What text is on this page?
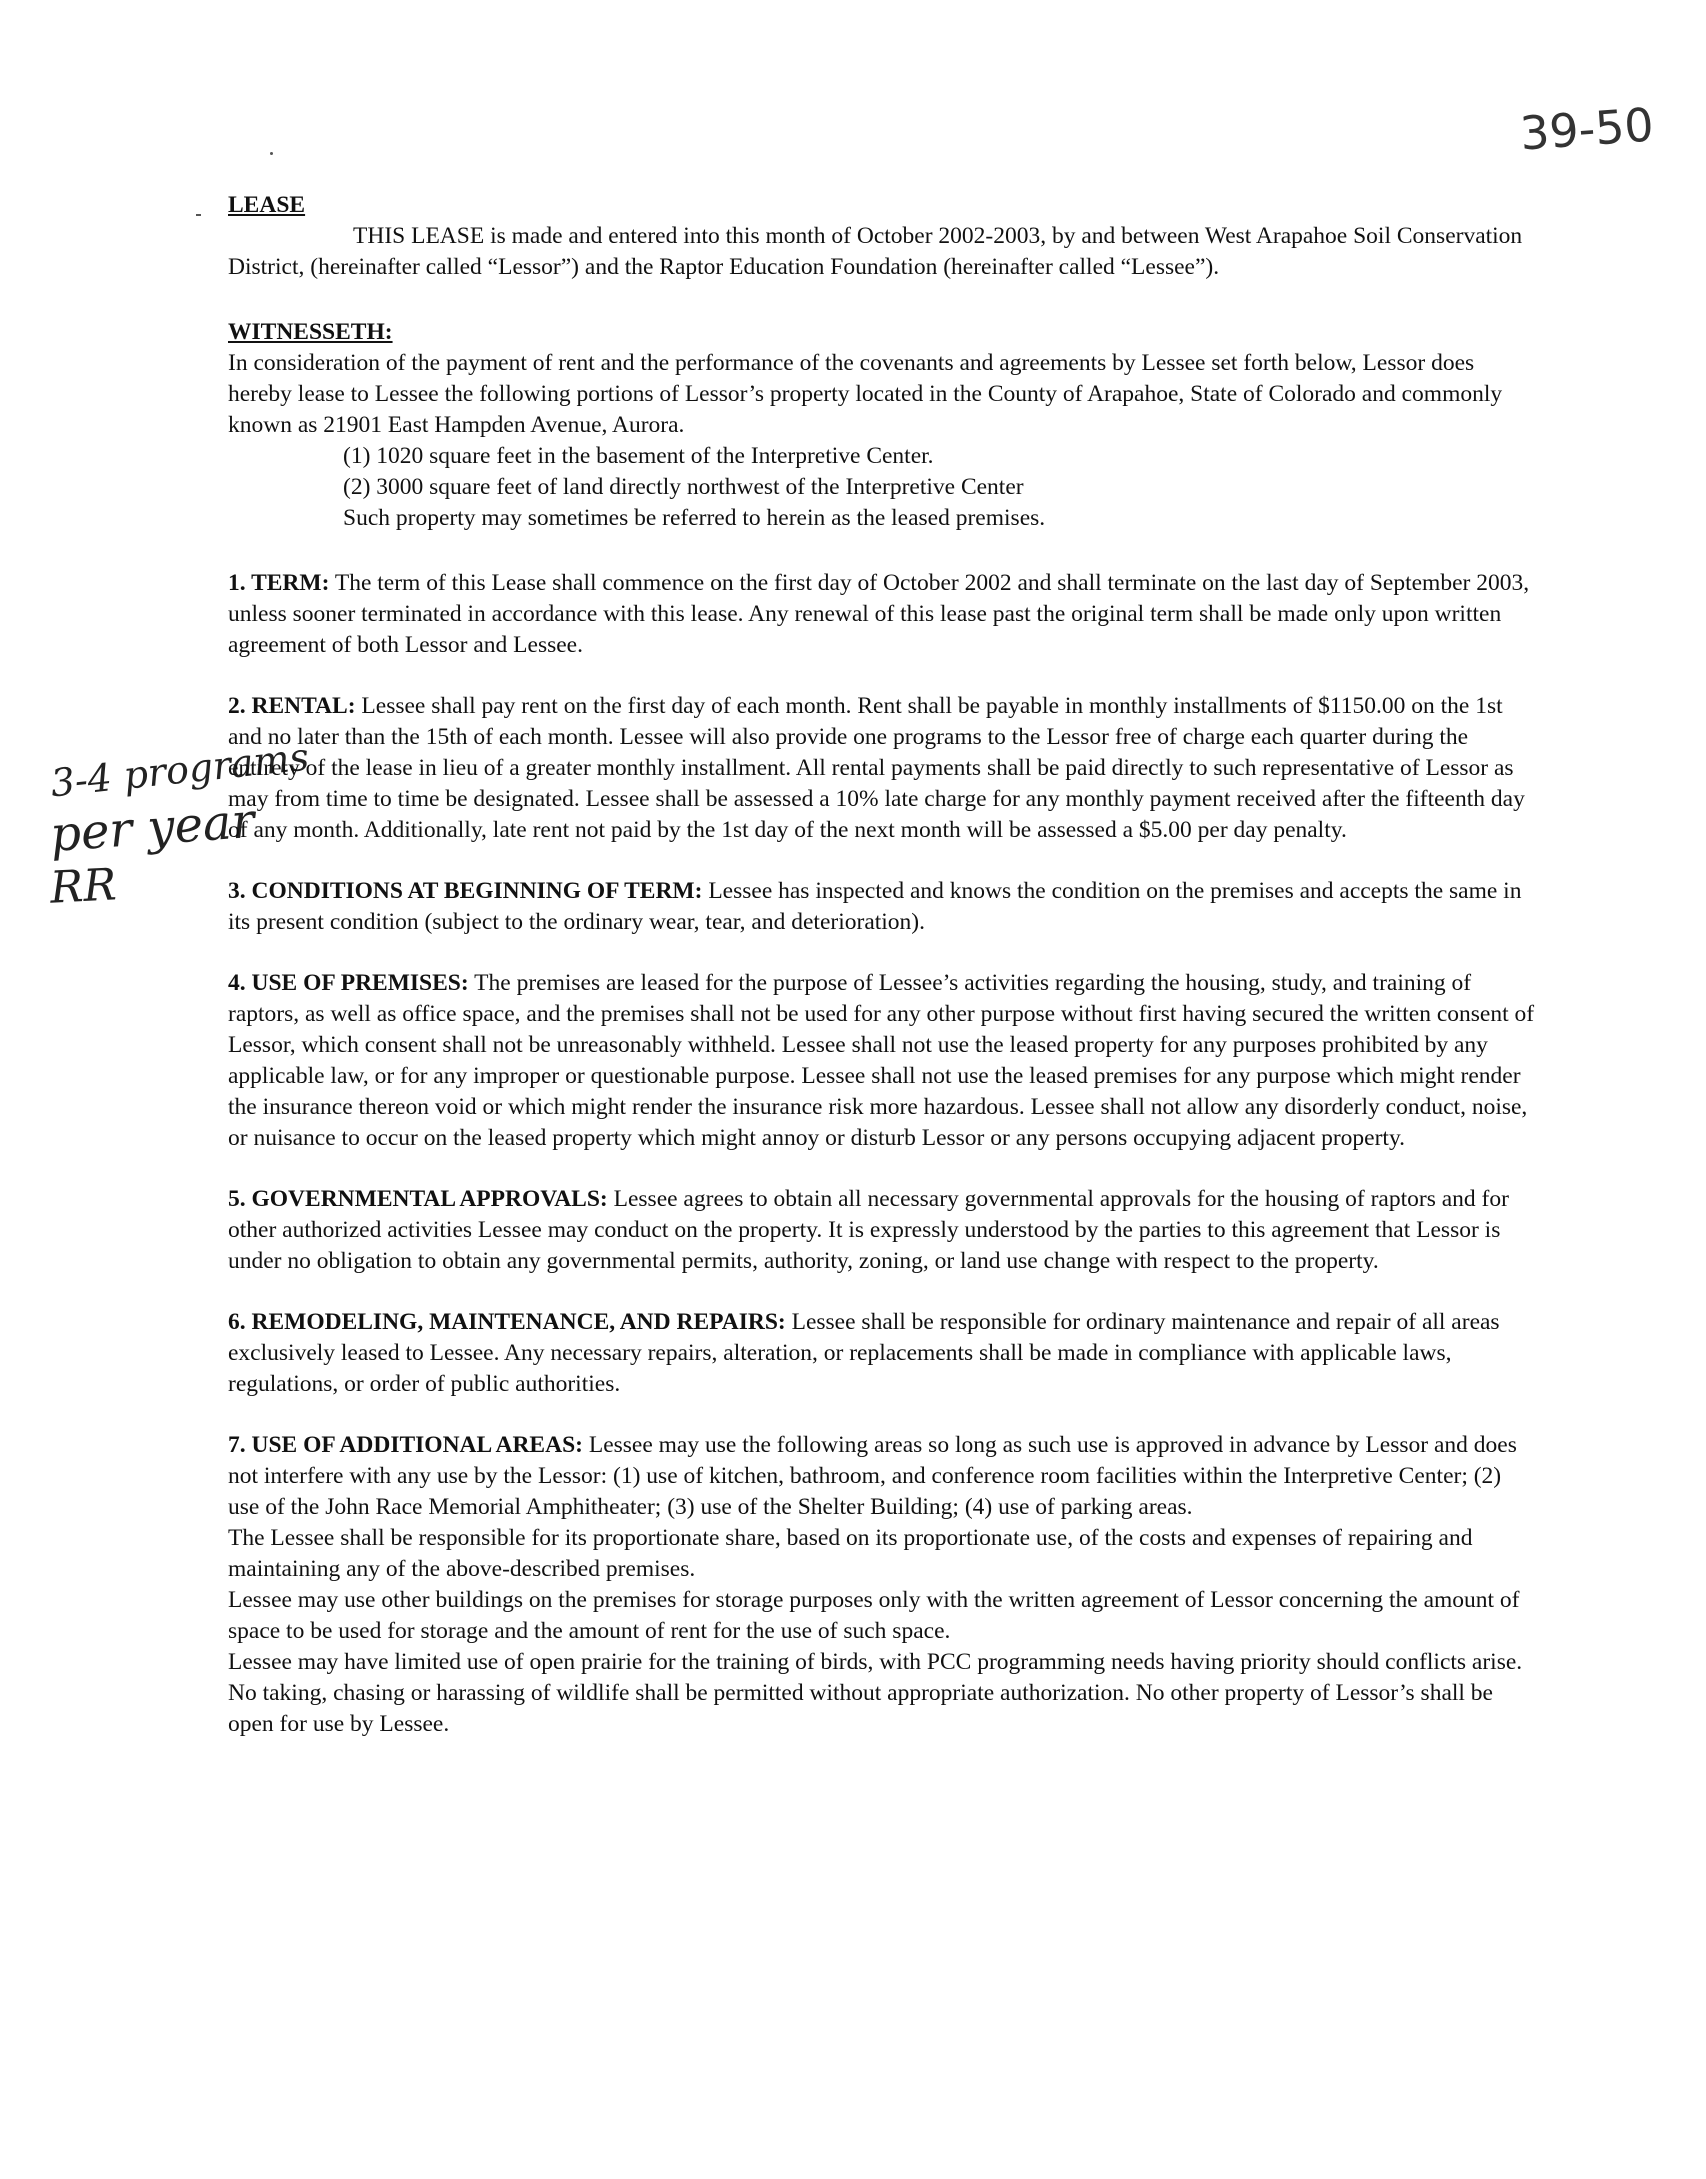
39-50
3-4 programs
per year
RR

LEASE

THIS LEASE is made and entered into this month of October 2002-2003, by and between West Arapahoe Soil Conservation District, (hereinafter called “Lessor”) and the Raptor Education Foundation (hereinafter called “Lessee”).

WITNESSETH:

In consideration of the payment of rent and the performance of the covenants and agreements by Lessee set forth below, Lessor does hereby lease to Lessee the following portions of Lessor’s property located in the County of Arapahoe, State of Colorado and commonly known as 21901 East Hampden Avenue, Aurora.

(1) 1020 square feet in the basement of the Interpretive Center.

(2) 3000 square feet of land directly northwest of the Interpretive Center

Such property may sometimes be referred to herein as the leased premises.

1. TERM: The term of this Lease shall commence on the first day of October 2002 and shall terminate on the last day of September 2003, unless sooner terminated in accordance with this lease. Any renewal of this lease past the original term shall be made only upon written agreement of both Lessor and Lessee.

2. RENTAL: Lessee shall pay rent on the first day of each month. Rent shall be payable in monthly installments of $1150.00 on the 1st and no later than the 15th of each month. Lessee will also provide one programs to the Lessor free of charge each quarter during the entirety of the lease in lieu of a greater monthly installment. All rental payments shall be paid directly to such representative of Lessor as may from time to time be designated. Lessee shall be assessed a 10% late charge for any monthly payment received after the fifteenth day of any month. Additionally, late rent not paid by the 1st day of the next month will be assessed a $5.00 per day penalty.

3. CONDITIONS AT BEGINNING OF TERM: Lessee has inspected and knows the condition on the premises and accepts the same in its present condition (subject to the ordinary wear, tear, and deterioration).

4. USE OF PREMISES: The premises are leased for the purpose of Lessee’s activities regarding the housing, study, and training of raptors, as well as office space, and the premises shall not be used for any other purpose without first having secured the written consent of Lessor, which consent shall not be unreasonably withheld. Lessee shall not use the leased property for any purposes prohibited by any applicable law, or for any improper or questionable purpose. Lessee shall not use the leased premises for any purpose which might render the insurance thereon void or which might render the insurance risk more hazardous. Lessee shall not allow any disorderly conduct, noise, or nuisance to occur on the leased property which might annoy or disturb Lessor or any persons occupying adjacent property.

5. GOVERNMENTAL APPROVALS: Lessee agrees to obtain all necessary governmental approvals for the housing of raptors and for other authorized activities Lessee may conduct on the property. It is expressly understood by the parties to this agreement that Lessor is under no obligation to obtain any governmental permits, authority, zoning, or land use change with respect to the property.

6. REMODELING, MAINTENANCE, AND REPAIRS: Lessee shall be responsible for ordinary maintenance and repair of all areas exclusively leased to Lessee. Any necessary repairs, alteration, or replacements shall be made in compliance with applicable laws, regulations, or order of public authorities.

7. USE OF ADDITIONAL AREAS: Lessee may use the following areas so long as such use is approved in advance by Lessor and does not interfere with any use by the Lessor: (1) use of kitchen, bathroom, and conference room facilities within the Interpretive Center; (2) use of the John Race Memorial Amphitheater; (3) use of the Shelter Building; (4) use of parking areas.

The Lessee shall be responsible for its proportionate share, based on its proportionate use, of the costs and expenses of repairing and maintaining any of the above-described premises.

Lessee may use other buildings on the premises for storage purposes only with the written agreement of Lessor concerning the amount of space to be used for storage and the amount of rent for the use of such space.

Lessee may have limited use of open prairie for the training of birds, with PCC programming needs having priority should conflicts arise. No taking, chasing or harassing of wildlife shall be permitted without appropriate authorization. No other property of Lessor’s shall be open for use by Lessee.
